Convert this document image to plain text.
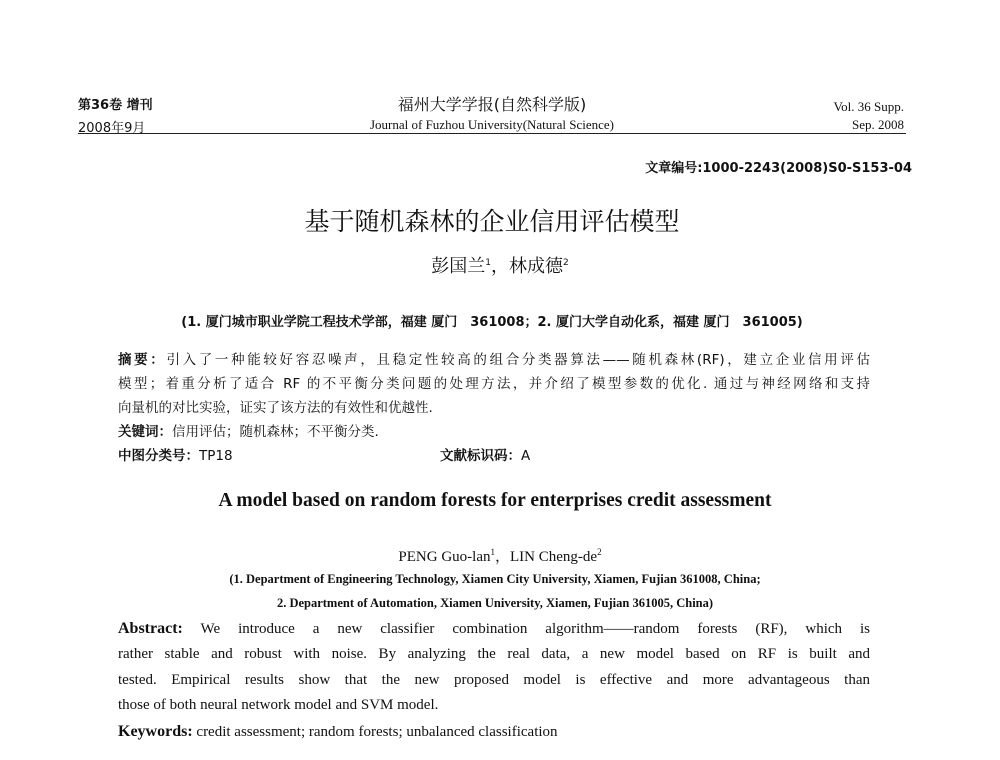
第36卷 增刊
2008年9月
福州大学学报(自然科学版)
Journal of Fuzhou University(Natural Science)
Vol. 36 Supp.
Sep. 2008
文章编号:1000-2243(2008)S0-S153-04
基于随机森林的企业信用评估模型
彭国兰$^1$，林成德$^2$
(1. 厦门城市职业学院工程技术学部，福建 厦门　361008；2. 厦门大学自动化系，福建 厦门　361005)
摘要：引入了一种能较好容忍噪声，且稳定性较高的组合分类器算法——随机森林(RF)，建立企业信用评估
模型；着重分析了适合 RF 的不平衡分类问题的处理方法，并介绍了模型参数的优化. 通过与神经网络和支持
向量机的对比实验，证实了该方法的有效性和优越性.
关键词：信用评估；随机森林；不平衡分类.
中图分类号：TP18	文献标识码：A
A model based on random forests for enterprises credit assessment
PENG Guo-lan$^1$，LIN Cheng-$de^2$
(1. Department of Engineering Technology, Xiamen City University, Xiamen, Fujian 361008, China;
2. Department of Automation, Xiamen University, Xiamen, Fujian 361005, China)
Abstract: We introduce a new classifier combination algorithm——random forests (RF), which is
rather stable and robust with noise. By analyzing the real data, a new model based on RF is built and
tested. Empirical results show that the new proposed model is effective and more advantageous than
those of both neural network model and SVM model.
Keywords: credit assessment; random forests; unbalanced classification
